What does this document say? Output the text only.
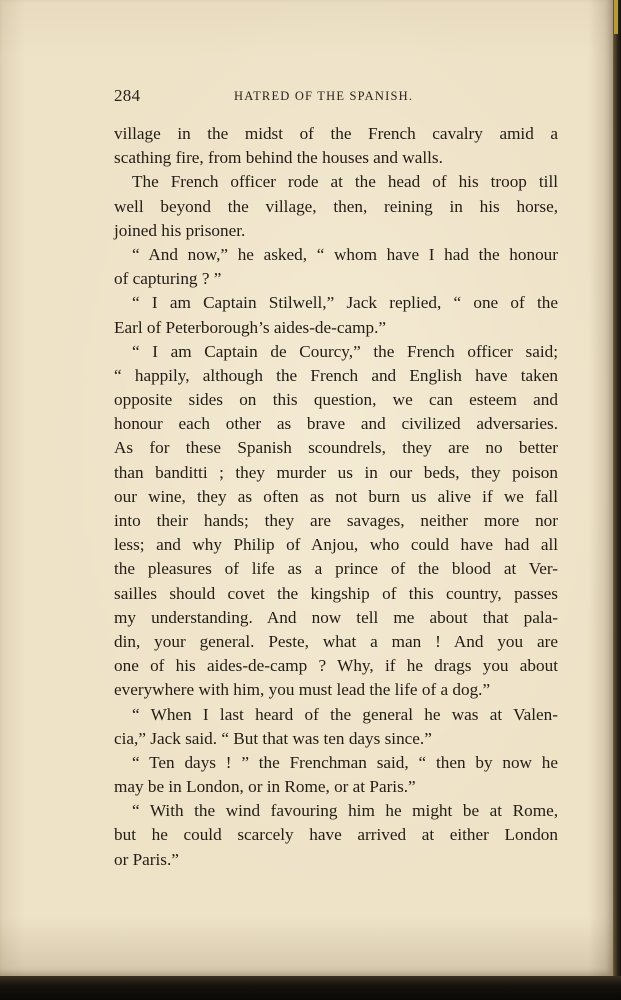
284	HATRED OF THE SPANISH.
village in the midst of the French cavalry amid a
scathing fire, from behind the houses and walls.
The French officer rode at the head of his troop till
well beyond the village, then, reining in his horse,
joined his prisoner.
“ And now,” he asked, “ whom have I had the honour
of capturing ? ”
“ I am Captain Stilwell,” Jack replied, “ one of the
Earl of Peterborough’s aides-de-camp.”
“ I am Captain de Courcy,” the French officer said;
“ happily, although the French and English have taken
opposite sides on this question, we can esteem and
honour each other as brave and civilized adversaries.
As for these Spanish scoundrels, they are no better
than banditti ; they murder us in our beds, they poison
our wine, they as often as not burn us alive if we fall
into their hands; they are savages, neither more nor
less; and why Philip of Anjou, who could have had all
the pleasures of life as a prince of the blood at Ver-
sailles should covet the kingship of this country, passes
my understanding. And now tell me about that pala-
din, your general. Peste, what a man ! And you are
one of his aides-de-camp ? Why, if he drags you about
everywhere with him, you must lead the life of a dog.”
“ When I last heard of the general he was at Valen-
cia,” Jack said. “ But that was ten days since.”
“ Ten days ! ” the Frenchman said, “ then by now he
may be in London, or in Rome, or at Paris.”
“ With the wind favouring him he might be at Rome,
but he could scarcely have arrived at either London
or Paris.”
